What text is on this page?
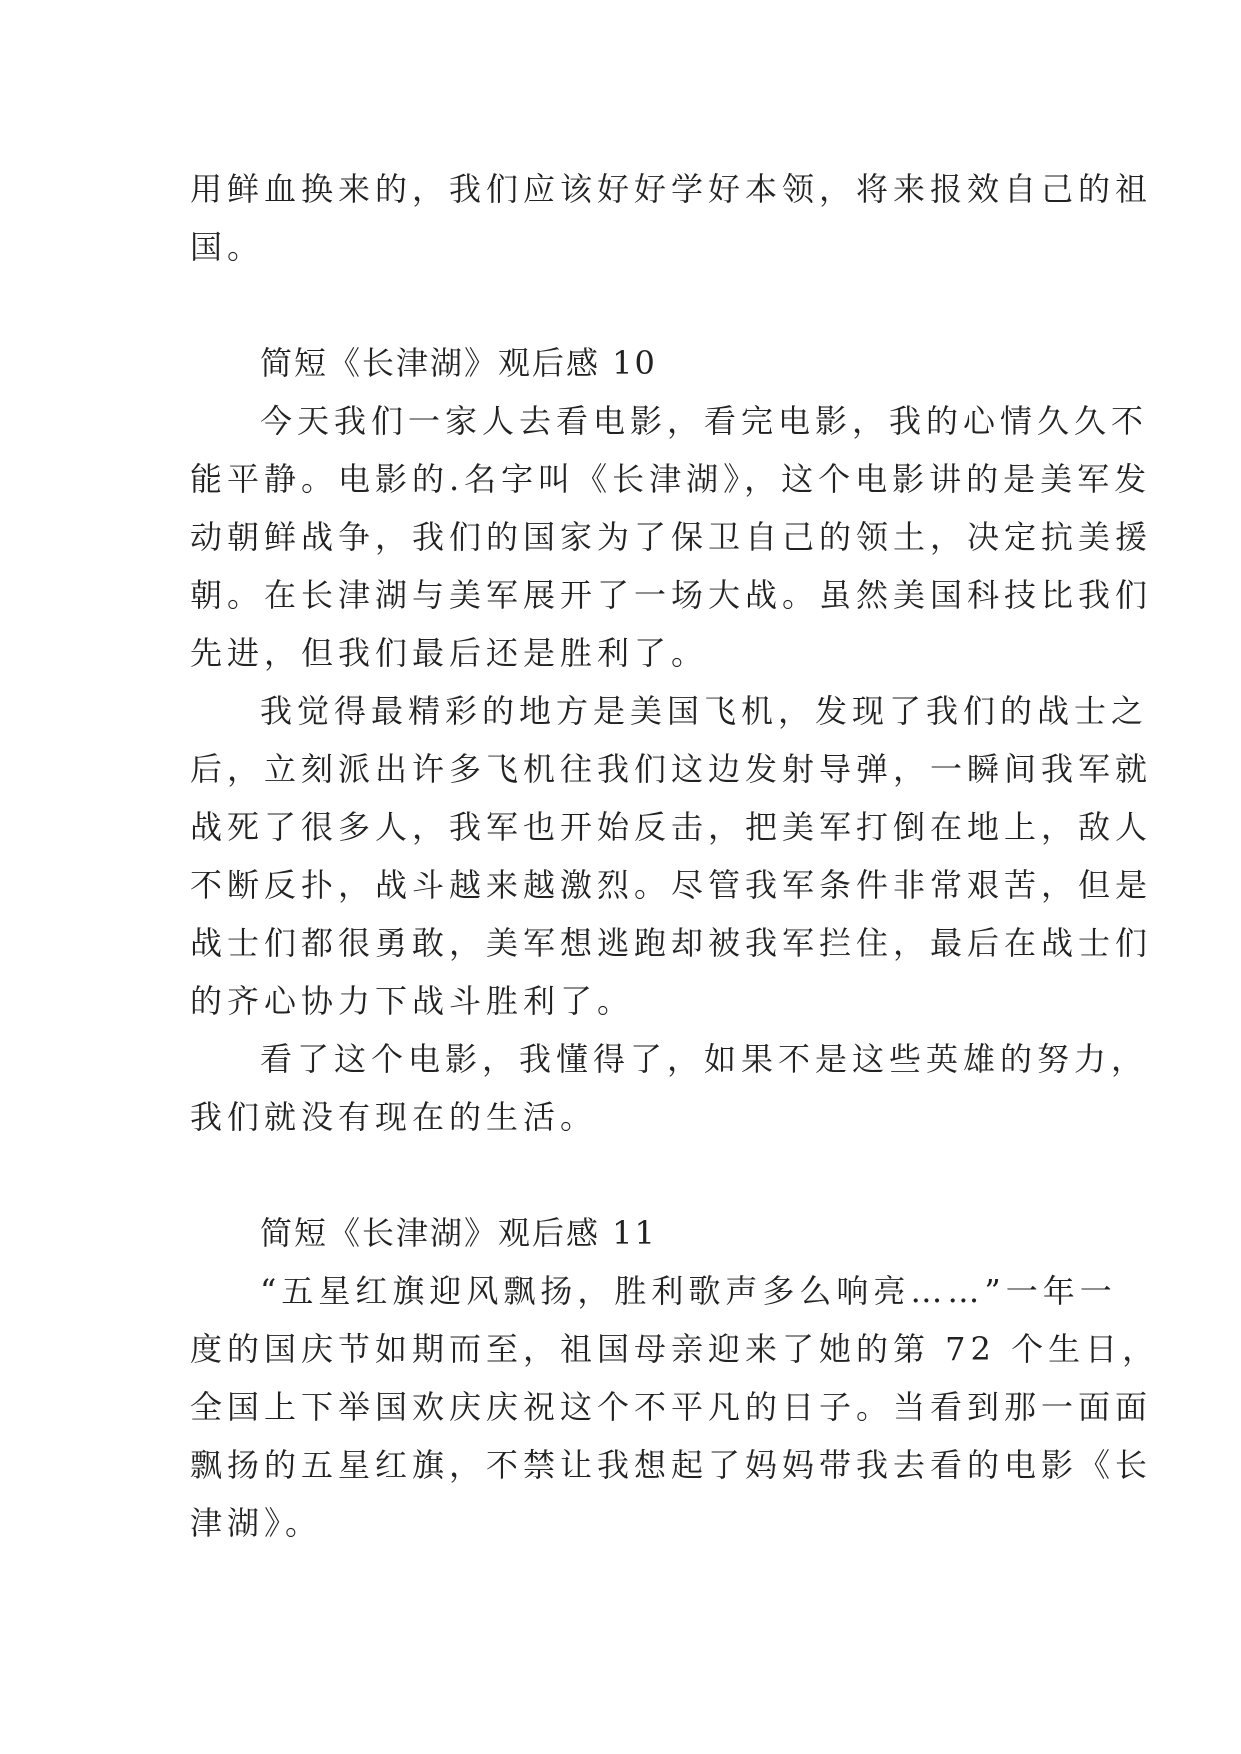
用鲜血换来的，我们应该好好学好本领，将来报效自己的祖
国。

简短《长津湖》观后感 10

今天我们一家人去看电影，看完电影，我的心情久久不
能平静。电影的.名字叫《长津湖》，这个电影讲的是美军发
动朝鲜战争，我们的国家为了保卫自己的领土，决定抗美援
朝。在长津湖与美军展开了一场大战。虽然美国科技比我们
先进，但我们最后还是胜利了。

我觉得最精彩的地方是美国飞机，发现了我们的战士之
后，立刻派出许多飞机往我们这边发射导弹，一瞬间我军就
战死了很多人，我军也开始反击，把美军打倒在地上，敌人
不断反扑，战斗越来越激烈。尽管我军条件非常艰苦，但是
战士们都很勇敢，美军想逃跑却被我军拦住，最后在战士们
的齐心协力下战斗胜利了。

看了这个电影，我懂得了，如果不是这些英雄的努力，
我们就没有现在的生活。

简短《长津湖》观后感 11

“五星红旗迎风飘扬，胜利歌声多么响亮……”一年一
度的国庆节如期而至，祖国母亲迎来了她的第 72 个生日，
全国上下举国欢庆庆祝这个不平凡的日子。当看到那一面面
飘扬的五星红旗，不禁让我想起了妈妈带我去看的电影《长
津湖》。
